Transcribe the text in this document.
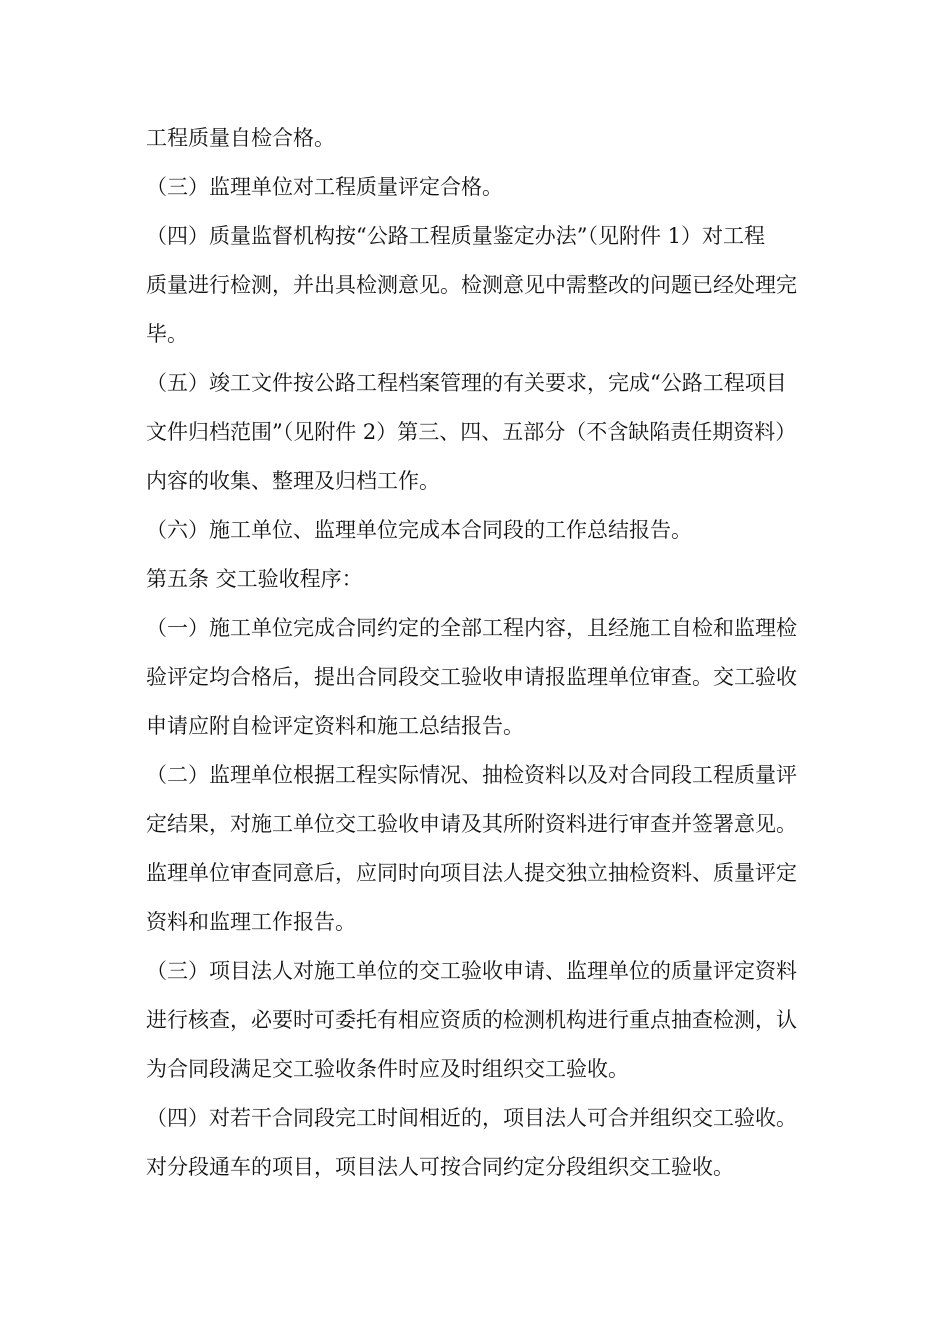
工程质量自检合格。
（三）监理单位对工程质量评定合格。
（四）质量监督机构按“公路工程质量鉴定办法”（见附件 1）对工程
质量进行检测，并出具检测意见。检测意见中需整改的问题已经处理完
毕。
（五）竣工文件按公路工程档案管理的有关要求，完成“公路工程项目
文件归档范围”（见附件 2）第三、四、五部分（不含缺陷责任期资料）
内容的收集、整理及归档工作。
（六）施工单位、监理单位完成本合同段的工作总结报告。
第五条 交工验收程序：
（一）施工单位完成合同约定的全部工程内容，且经施工自检和监理检
验评定均合格后，提出合同段交工验收申请报监理单位审查。交工验收
申请应附自检评定资料和施工总结报告。
（二）监理单位根据工程实际情况、抽检资料以及对合同段工程质量评
定结果，对施工单位交工验收申请及其所附资料进行审查并签署意见。
监理单位审查同意后，应同时向项目法人提交独立抽检资料、质量评定
资料和监理工作报告。
（三）项目法人对施工单位的交工验收申请、监理单位的质量评定资料
进行核查，必要时可委托有相应资质的检测机构进行重点抽查检测，认
为合同段满足交工验收条件时应及时组织交工验收。
（四）对若干合同段完工时间相近的，项目法人可合并组织交工验收。
对分段通车的项目，项目法人可按合同约定分段组织交工验收。
